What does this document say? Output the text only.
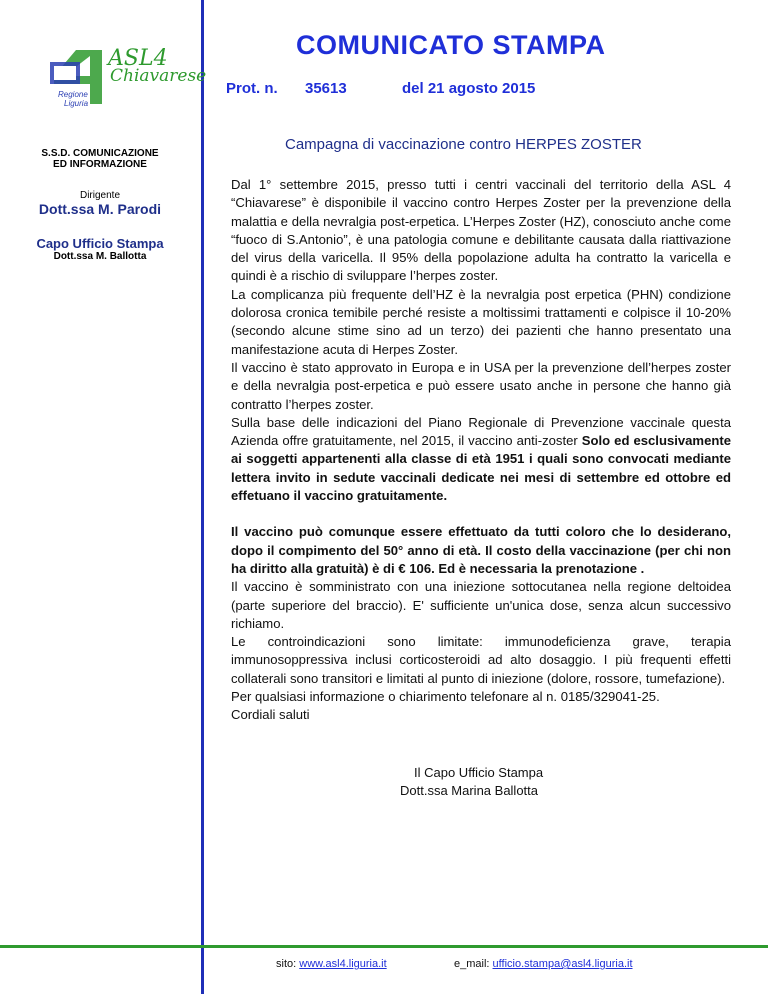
ASL4
Chiavarese
Regione
Liguria
S.S.D. COMUNICAZIONE
ED INFORMAZIONE
Dirigente
Dott.ssa M. Parodi
Capo Ufficio Stampa
Dott.ssa M. Ballotta
COMUNICATO STAMPA
Prot. n. 35613	del 21 agosto 2015
Campagna di vaccinazione contro HERPES ZOSTER

Dal 1° settembre 2015, presso tutti i centri vaccinali del territorio della ASL 4 “Chiavarese” è disponibile il vaccino contro Herpes Zoster per la prevenzione della malattia e della nevralgia post-erpetica. L’Herpes Zoster (HZ), conosciuto anche come “fuoco di S.Antonio”, è una patologia comune e debilitante causata dalla riattivazione del virus della varicella. Il 95% della popolazione adulta ha contratto la varicella e quindi è a rischio di sviluppare l’herpes zoster.

La complicanza più frequente dell’HZ è la nevralgia post erpetica (PHN) condizione dolorosa cronica temibile perché resiste a moltissimi trattamenti e colpisce il 10-20% (secondo alcune stime sino ad un terzo) dei pazienti che hanno presentato una manifestazione acuta di Herpes Zoster.

Il vaccino è stato approvato in Europa e in USA per la prevenzione dell’herpes zoster e della nevralgia post-erpetica e può essere usato anche in persone che hanno già contratto l’herpes zoster.

Sulla base delle indicazioni del Piano Regionale di Prevenzione vaccinale questa Azienda offre gratuitamente, nel 2015, il vaccino anti-zoster Solo ed esclusivamente ai soggetti appartenenti alla classe di età 1951 i quali sono convocati mediante lettera invito in sedute vaccinali dedicate nei mesi di settembre ed ottobre ed effetuano il vaccino gratuitamente.

Il vaccino può comunque essere effettuato da tutti coloro che lo desiderano, dopo il compimento del 50° anno di età. Il costo della vaccinazione (per chi non ha diritto alla gratuità) è di € 106. Ed è necessaria la prenotazione .

Il vaccino è somministrato con una iniezione sottocutanea nella regione deltoidea (parte superiore del braccio). E' sufficiente un'unica dose, senza alcun successivo richiamo.

Le controindicazioni sono limitate: immunodeficienza grave, terapia immunosoppressiva inclusi corticosteroidi ad alto dosaggio. I più frequenti effetti collaterali sono transitori e limitati al punto di iniezione (dolore, rossore, tumefazione).

Per qualsiasi informazione o chiarimento telefonare al n. 0185/329041-25.

Cordiali saluti

Il Capo Ufficio Stampa
Dott.ssa Marina Ballotta
sito: www.asl4.liguria.it	e_mail: ufficio.stampa@asl4.liguria.it
